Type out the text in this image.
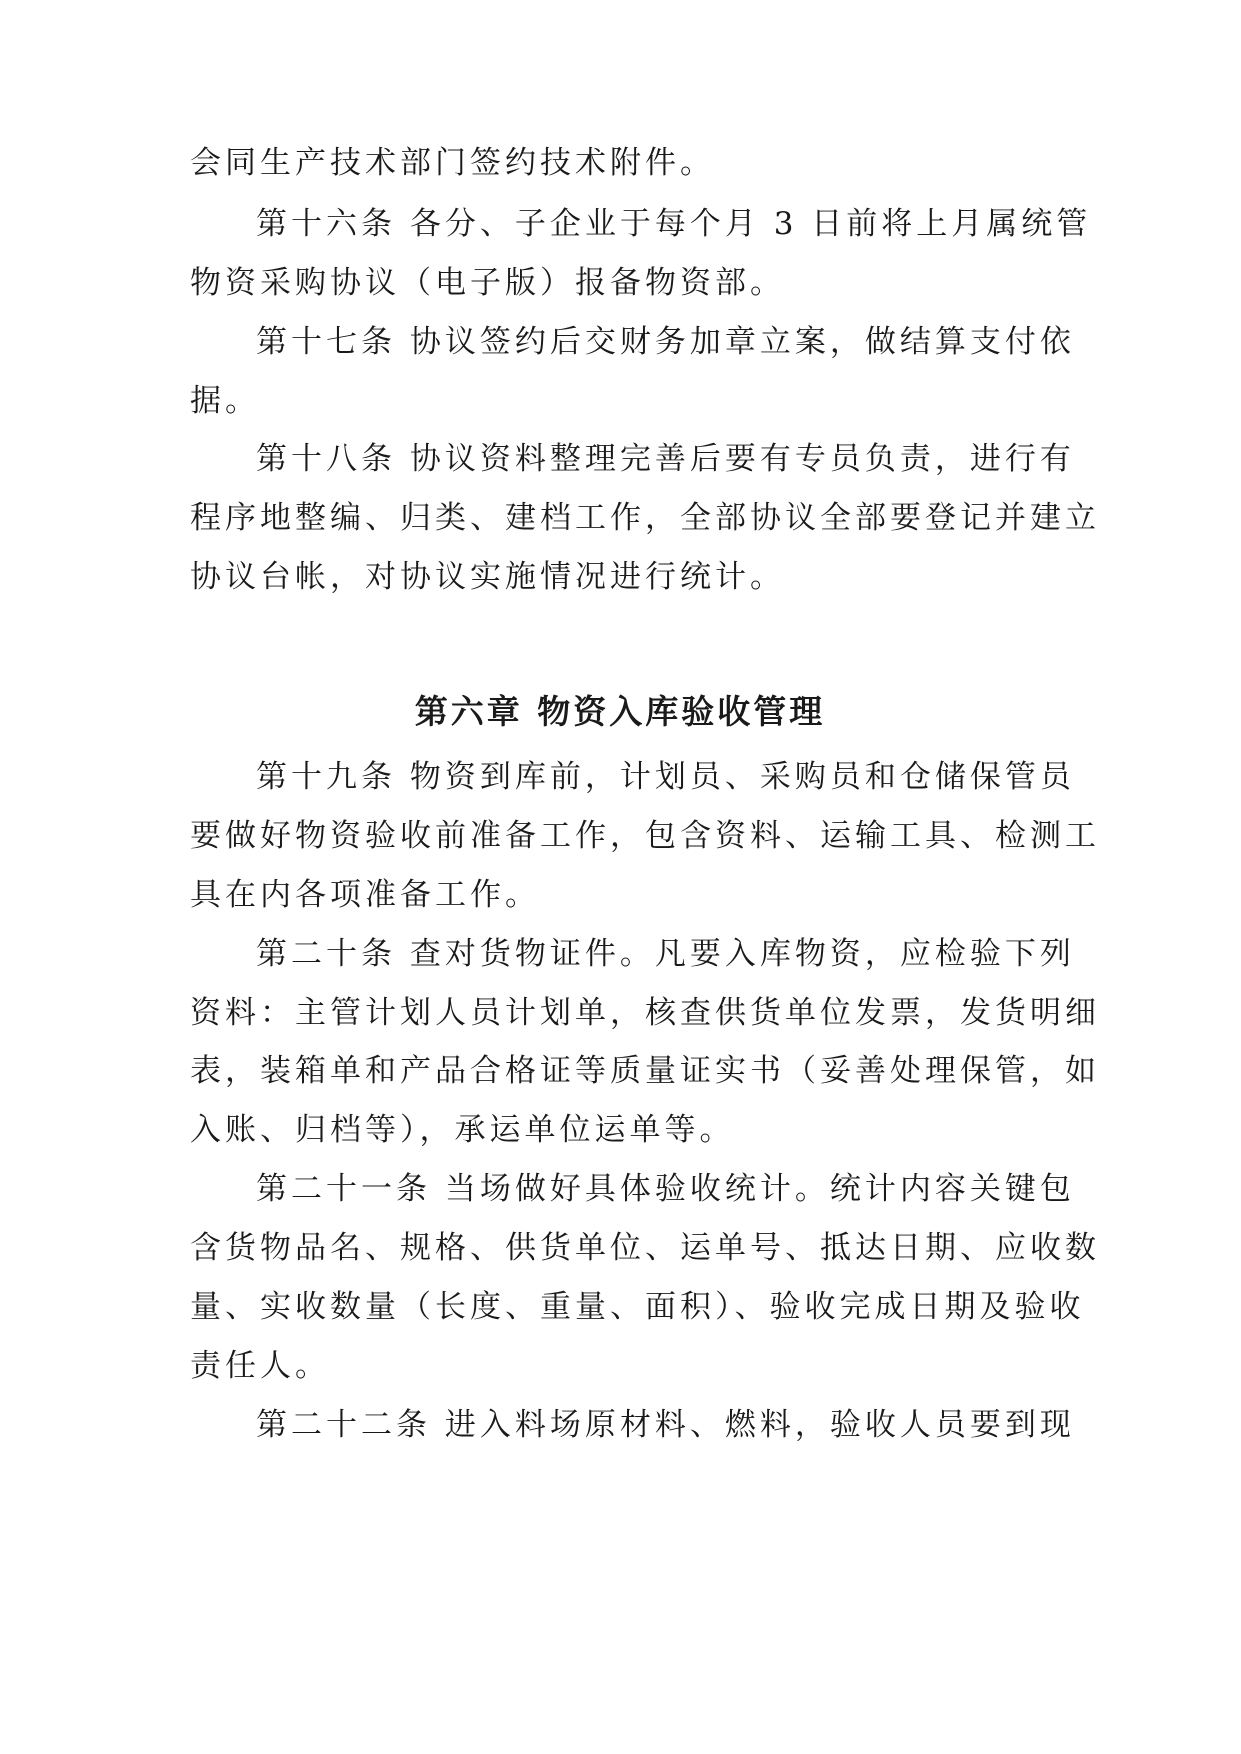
会同生产技术部门签约技术附件。
第十六条 各分、子企业于每个月 3 日前将上月属统管
物资采购协议（电子版）报备物资部。
第十七条 协议签约后交财务加章立案，做结算支付依
据。
第十八条 协议资料整理完善后要有专员负责，进行有
程序地整编、归类、建档工作，全部协议全部要登记并建立
协议台帐，对协议实施情况进行统计。
第六章 物资入库验收管理
第十九条 物资到库前，计划员、采购员和仓储保管员
要做好物资验收前准备工作，包含资料、运输工具、检测工
具在内各项准备工作。
第二十条 查对货物证件。凡要入库物资，应检验下列
资料：主管计划人员计划单，核查供货单位发票，发货明细
表，装箱单和产品合格证等质量证实书（妥善处理保管，如
入账、归档等），承运单位运单等。
第二十一条 当场做好具体验收统计。统计内容关键包
含货物品名、规格、供货单位、运单号、抵达日期、应收数
量、实收数量（长度、重量、面积）、验收完成日期及验收
责任人。
第二十二条 进入料场原材料、燃料，验收人员要到现
